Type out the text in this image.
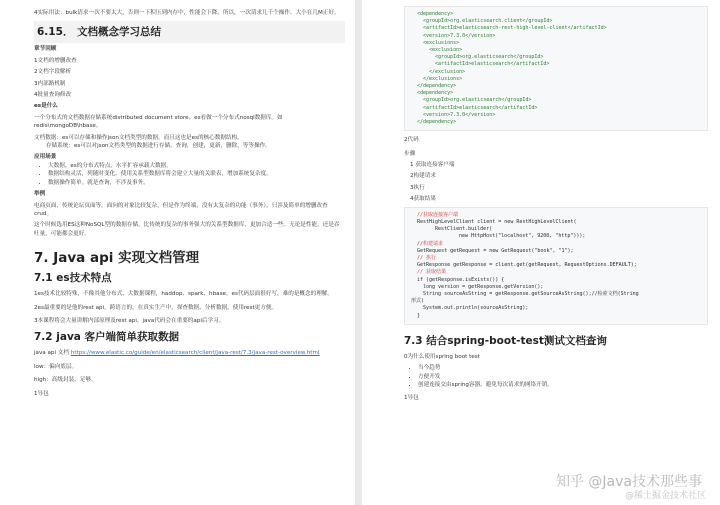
4实际用法：bulk请求一次不要太大，否则一下积压到内存中，性能会下降。所以，一次请求几千个操作、大小在几M正好。

6.15． 文档概念学习总结

章节回顾

1文档的增删改查

2文档字段解析

3内部路机制

4批量查询修改

es是什么

一个分布式的文档数据存储系统distributed document store。es看做一个分布式nosql数据库。如redis\mongoDB\hbase。

文档数据：es可以存储和操作json文档类型的数据，而且这也是es的核心数据结构。

存储系统：es可以对json文档类型的数据进行存储，查询，创建，更新，删除，等等操作。

应用场景

• 大数据。es的分布式特点，水平扩容承载大数据。
• 数据结构灵活，列随时变化。使用关系型数据库将会建立大量的关联表，增加系统复杂度。
• 数据操作简单。就是查询，不涉及事务。

举例

电商页面，传统论坛页面等。面向的对象比较复杂，但是作为终端，没有太复杂的功能（事务），只涉及简单的增删改查crud。

这个时候选用ES这种NoSQL型的数据存储，比传统的复杂的事务强大的关系型数据库，更加合适一些。无论是性能，还是吞吐量，可能都会更好。

7. Java api 实现文档管理
7.1 es技术特点

1es技术比较特殊，不像其他分布式、大数据课程，haddop、spark、hbase。es代码层面很好写，难的是概念的理解。

2es最重要的是他的rest api。跨语言的。在真实生产中，探查数据、分析数据，使用rest更方便。

3本课程将会大量讲解内部原理及rest api。java代码会在重要的api后学习。

7.2 java 客户端简单获取数据

java api 文档 https://www.elastic.co/guide/en/elasticsearch/client/java-rest/7.3/java-rest-overview.html

low：偏向底层。

high：高级封装。足够。

1导包

<dependency>
<groupId>org.elasticsearch.client</groupId>
<artifactId>elasticsearch-rest-high-level-client</artifactId>
<version>7.3.0</version>
<exclusions>
<exclusion>
<groupId>org.elasticsearch</groupId>
<artifactId>elasticsearch</artifactId>
</exclusion>
</exclusions>
</dependency>
<dependency>
<groupId>org.elasticsearch</groupId>
<artifactId>elasticsearch</artifactId>
<version>7.3.0</version>
</dependency>

2代码

步骤

1 获取连接客户端

2构建请求

3执行

4获取结果

//获取连接客户端
RestHighLevelClient client = new RestHighLevelClient(
RestClient.builder(
new HttpHost("localhost", 9200, "http")));
//构建请求
GetRequest getRequest = new GetRequest("book", "1");
// 执行
GetResponse getResponse = client.get(getRequest, RequestOptions.DEFAULT);
// 获取结果
if (getResponse.isExists()) {
long version = getResponse.getVersion();
String sourceAsString = getResponse.getSourceAsString();//检索文档(String
形式)
System.out.println(sourceAsString);
}
7.3 结合spring-boot-test测试文档查询

0为什么使用spring boot test

• 当今趋势
• 方便开发
• 创建连接交由spring容器，避免每次请求的网络开销。

1导包

知乎 @Java技术那些事
@稀土掘金技术社区
